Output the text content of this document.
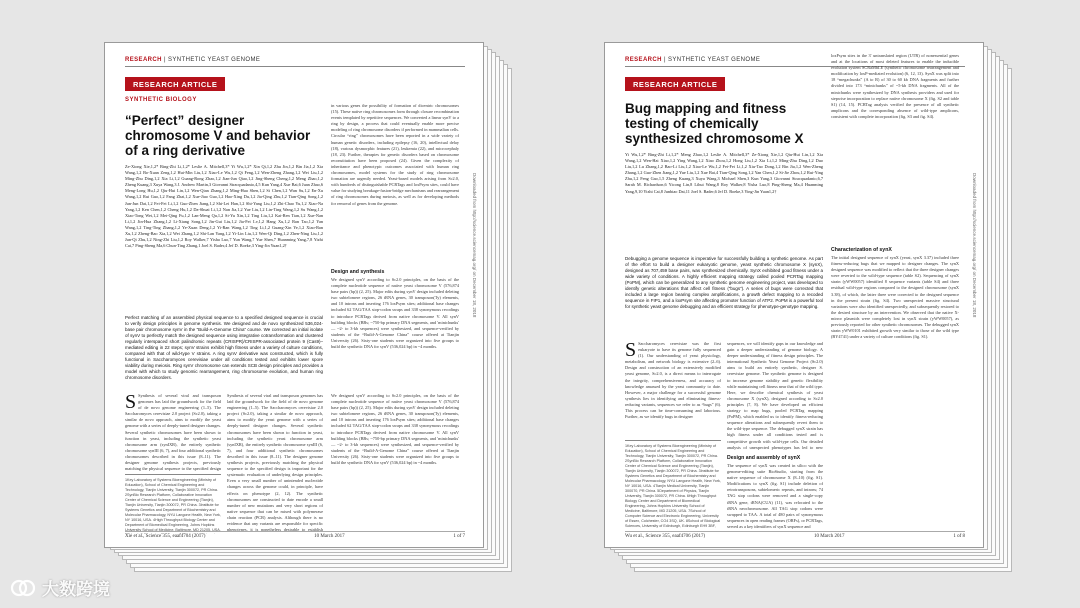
RESEARCH | SYNTHETIC YEAST GENOME
RESEARCH ARTICLE
SYNTHETIC BIOLOGY
“Perfect” designer chromosome V and behavior of a ring derivative
Ze-Xiong Xie,1,2* Bing-Zhi Li,1,2* Leslie A. Mitchell,3* Yi Wu,1,2* Xin Qi,1,2 Zhu Jin,1,2 Bin Jia,1,2 Xia Wang,1,2 Bo-Xuan Zeng,1,2 Hui-Min Liu,1,2 Xiao-Le Wu,1,2 Qi Feng,1,2 Wen-Zheng Zhang,1,2 Wei Liu,1,2 Ming-Zhu Ding,1,2 Xia Li,1,2 Guang-Rong Zhao,1,2 Jian-Jun Qiao,1,2 Jing-Sheng Cheng,1,2 Meng Zhao,1,2 Zheng Kuang,3 Xuya Wang,3 J. Andrew Martin,3 Giovanni Stracquadanio,4,5 Kun Yang,4 Xue Bai,6 Juan Zhao,6 Meng-Long Hu,1,2 Qiu-Hui Lin,1,2 Wen-Qian Zhang,1,2 Ming-Hua Shen,1,2 Si Chen,1,2 Wan Su,1,2 En-Xu Wang,1,2 Rui Guo,1,2 Fang Zhai,1,2 Xue-Jiao Guo,1,2 Hao-Xing Du,1,2 Jia-Qing Zhu,1,2 Tian-Qing Song,1,2 Jun-Jun Dai,1,2 Fei-Fei Li,1,2 Guo-Zhen Jiang,1,2 Shi-Lei Han,1,2 Shi-Yang Liu,1,2 Zhi-Chao Yu,1,2 Xiao-Na Yang,1,2 Ken Chen,1,2 Cheng Hu,1,2 Da-Shuai Li,1,2 Nan Jia,1,2 Yue Liu,1,2 Lin-Ting Wang,1,2 Su Wang,1,2 Xiao-Tong Wei,1,2 Mei-Qing Fu,1,2 Lan-Meng Qu,1,2 Si-Yu Xin,1,2 Ting Liu,1,2 Kai-Ren Tian,1,2 Xue-Nan Li,1,2 Jin-Hua Zhang,1,2 Li-Xiang Song,1,2 Jin-Gui Liu,1,2 Jia-Fei Lv,1,2 Hang Xu,1,2 Ran Tao,1,2 Yan Wang,1,2 Ting-Ting Zhang,1,2 Ye-Xuan Deng,1,2 Yi-Ran Wang,1,2 Ting Li,1,2 Guang-Xin Ye,1,2 Xiao-Ran Xu,1,2 Zheng-Bao Xia,1,2 Wei Zhang,1,2 Shi-Lan Yang,1,2 Yi-Lin Liu,1,2 Wen-Qi Ding,1,2 Zhen-Ning Liu,1,2 Jun-Qi Zhu,1,2 Ning-Zhi Liu,1,2 Roy Walker,7 Yisha Luo,7 Yun Wang,7 Yue Shen,7 Huanming Yang,7,8 Yizhi Cai,7 Ping-Sheng Ma,6 Chun-Ting Zhang,1 Joel S. Bader,4 Jef D. Boeke,3 Ying-Jin Yuan1,2†
in various genes the possibility of formation of dicentric chromosomes (15). These native ring chromosomes form through closure recombination events templated by repetitive sequences. We converted a linear synV to a ring by design, a process that could eventually enable more precise modeling of ring chromosome disorders if performed in mammalian cells. Circular “ring” chromosomes have been reported in a wide variety of human genetic disorders, including epilepsy (16, 20), intellectual delay (18), various dysmorphic features (21), leukemia (22), and microcephaly (18, 23). Further, therapies for genetic disorders based on chromosome reconstitution have been proposed (24). Given the complexity of inheritance and phenotypic outcomes associated with human ring chromosomes, model systems for the study of ring chromosome formation are urgently needed. Yeast-based models arising from Sc2.0, with hundreds of distinguishable PCRTags and loxPsym sites, could have value for studying breakage-fusion-bridge mechanisms and rearrangement of ring chromosomes during meiosis, as well as for developing methods for removal of genes from the genome.
Design and synthesis
We designed synV according to Sc2.0 principles, on the basis of the complete nucleotide sequence of native yeast chromosome V (576,874 base pairs (bp)) (2, 25). Major edits during synV design included deleting two subtelomere regions, 26 tRNA genes, 30 transposon(Ty) elements, and 10 introns and inserting 176 loxPsym sites; additional base changes included 62 TAG/TAA stop-codon swaps and 338 synonymous recodings to introduce PCRTags derived from native chromosome V. All synV building blocks (BBs; ~750-bp primary DNA segments, and 'minichunks' — ~2- to 3-kb sequences) were synthesized, and sequence-verified by students of the “Build-A-Genome China” course offered at Tianjin University (26). Sixty-one students were organized into five groups to build the synthetic DNA for synV (536,024 bp) in ~4 months.
Perfect matching of an assembled physical sequence to a specified designed sequence is crucial to verify design principles in genome synthesis. We designed and de novo synthesized 536,024-base pair chromosome synV in the “Build-A-Genome China” course. We corrected an initial isolate of synV to perfectly match the designed sequence using integrative cotransformation and clustered regularly interspaced short palindromic repeats (CRISPR)/CRISPR-associated protein 9 (Cas9)–mediated editing in 22 steps; synV strains exhibit high fitness under a variety of culture conditions, compared with that of wild-type V strains. A ring synV derivative was constructed, which is fully functional in Saccharomyces cerevisiae under all conditions tested and exhibits lower spore viability during meiosis. Ring synV chromosome can extends SCB design principles and provides a model with which to study genomic rearrangement, ring chromosome evolution, and human ring chromosome disorders.
S Synthesis of several viral and transposon genomes has laid the groundwork for the field of de novo genome engineering (1–5). The Saccharomyces cerevisiae 2.0 project (Sc2.0), taking a similar de novo approach, aims to modify the yeast genome with a series of deeply-tuned designer changes. Several synthetic chromosomes have been shown to function in yeast, including the synthetic yeast chromosome arm (synIXR), the entirely synthetic chromosome synIII (6, 7), and four additional synthetic chromosomes described in this issue (8–11). The designer genome synthesis projects, previously matching the physical sequence to the specified design
1Key Laboratory of Systems Bioengineering (Ministry of Education), School of Chemical Engineering and Technology, Tianjin University, Tianjin 300072, PR China. 2SynBio Research Platform, Collaborative Innovation Center of Chemical Science and Engineering (Tianjin), Tianjin University, Tianjin 300072, PR China. 3Institute for Systems Genetics and Department of Biochemistry and Molecular Pharmacology, NYU Langone Health, New York, NY 10016, USA. 4High Throughput Biology Center and Department of Biomedical Engineering, Johns Hopkins University School of Medicine, Baltimore, MD 21205, USA.
Synthesis of several viral and transposon genomes has laid the groundwork for the field of de novo genome engineering (1–5). The Saccharomyces cerevisiae 2.0 project (Sc2.0), taking a similar de novo approach, aims to modify the yeast genome with a series of deeply-tuned designer changes. Several synthetic chromosomes have been shown to function in yeast, including the synthetic yeast chromosome arm (synIXR), the entirely synthetic chromosome synIII (6, 7), and four additional synthetic chromosomes described in this issue (8–11). The designer genome synthesis projects, previously matching the physical sequence to the specified design is important for the systematic evaluation of underlying design principles. Even a very small number of unintended nucleotide changes across the genome could, in principle, have effects on phenotype (2, 12). The synthetic chromosomes are constructed to date encode a small number of new mutations and very short regions of native sequence that can be mixed with polymerase chain reaction (PCR) analysis. Although there is no evidence that any variants are responsible for specific phenotypes, it is nonetheless desirable to establish
We designed synV according to Sc2.0 principles, on the basis of the complete nucleotide sequence of native yeast chromosome V (576,874 base pairs (bp)) (2, 25). Major edits during synV design included deleting two subtelomere regions, 26 tRNA genes, 30 transposon(Ty) elements, and 10 introns and inserting 176 loxPsym sites; additional base changes included 62 TAG/TAA stop-codon swaps and 338 synonymous recodings to introduce PCRTags derived from native chromosome V. All synV building blocks (BBs; ~750-bp primary DNA segments, and 'minichunks' — ~2- to 3-kb sequences) were synthesized, and sequence-verified by students of the “Build-A-Genome China” course offered at Tianjin University (26). Sixty-one students were organized into five groups to build the synthetic DNA for synV (536,024 bp) in ~4 months.
Downloaded from http://science.sciencemag.org/ on December 18, 2018
Xie et al., Science 355, eaaf4704 (2017)	10 March 2017	1 of 7
RESEARCH | SYNTHETIC YEAST GENOME
RESEARCH ARTICLE
Bug mapping and fitness testing of chemically synthesized chromosome X
Yi Wu,1,2* Bing-Zhi Li,1,2* Meng Zhao,1,2 Leslie A. Mitchell,3* Ze-Xiong Xie,1,2 Qiu-Hui Lin,1,2 Xia Wang,1,2 Wen-Hai Xiao,1,2 Ying Wang,1,2 Xiao Zhou,1,2 Hong Liu,1,2 Xia Li,1,2 Ming-Zhu Ding,1,2 Duo Liu,1,2 Lu Zhang,1,2 Bao-Li Liu,1,2 Xiao-Le Wu,1,2 Fei-Fei Li,1,2 Xiu-Tao Dong,1,2 Bin Jia,1,2 Wen-Zheng Zhang,1,2 Guo-Zhen Jiang,1,2 Yue Liu,1,2 Xue Bai,4 Tian-Qing Song,1,2 Yan Chen,1,2 Si-Jie Zhou,1,2 Rui-Ying Zhu,1,2 Feng Gao,1,5 Zheng Kuang,3 Xuya Wang,3 Michael Shen,3 Kun Yang,3 Giovanni Stracquadanio,6,7 Sarah M. Richardson,6 Yicong Lin,8 Lihui Wang,8 Roy Walker,8 Yisha Luo,8 Ping-Sheng Ma,4 Huanming Yang,9,10 Yizhi Cai,8 Junbiao Dai,11 Joel S. Bader,6 Jef D. Boeke,3 Ying-Jin Yuan1,2†
Debugging a genome sequence is imperative for successfully building a synthetic genome. As part of the effort to build a designer eukaryotic genome, yeast synthetic chromosome X (synX), designed as 707,459 base pairs, was synthesized chemically. SynX exhibited good fitness under a wide variety of conditions. A highly efficient mapping strategy called pooled PCRTag mapping (PoPM), which can be generalized to any synthetic genome engineering project, was developed to identify genetic alterations that affect cell fitness (“bugs”). A series of bugs were corrected that included a large region bearing complex amplifications, a growth defect mapping to a recoded sequence in FIP1, and a loxPsym site affecting promoter function of ATP2. PoPM is a powerful tool for synthetic yeast genome debugging and an efficient strategy for phenotype-genotype mapping.
loxPsym sites in the 3′ untranslated region (UTR) of nonessential genes and at the locations of most deleted features to enable the inducible evolution system SCRaMbLE (synthetic chromosome rearrangement and modification by loxP-mediated evolution) (6, 12, 13). SynX was split into 18 “megachunks” (A to R) of 30 to 60 kb DNA fragments and further divided into 173 “minichunks” of ~5-kb DNA fragments. All of the minichunks were synthesized by DNA synthesis providers and used for stepwise incorporation to replace native chromosome X (fig. S2 and table S1) (14, 15). PCRTag analysis verified the presence of all synthetic amplicons and the corresponding absence of wild-type amplicons, consistent with complete incorporation (fig. S3 and fig. S4).
Characterization of synX
The initial designed sequence of synX (yeast, synX 3.37) included three fitness-reducing bugs that we mapped to designer changes. The synX designed sequence was modified to reflect that the three designer changes were reverted to the wild-type sequence (table S2). Sequencing of synX strain (yWW0057) identified 8 sequence variants (table S4) and three residual wild-type regions compared to the designed chromosome (synX 3.38), of which, the latter three were corrected to the designed sequence in the present strain (fig. S4). Two unexpected massive structural variations were also identified unexpectedly, and subsequently restored to the desired structure by an intervention. We observed that the native X-mirror plasmids were completely lost in synX strain (yWW0057), as previously reported for other synthetic chromosomes. The debugged synX strain yWW0101 exhibited growth very similar to those of the wild type (BY4741) under a variety of culture conditions (fig. S1).
S Saccharomyces cerevisiae was the first eukaryote to have its genome fully sequenced (1). Our understanding of yeast physiology, metabolism, and network biology is extensive (2–6). Design and construction of an extensively modified yeast genome, Sc2.0, is a direct means to interrogate the integrity, comprehensiveness, and accuracy of knowledge amassed by the yeast community to date. However, a major challenge for a successful genome synthesis lies in identifying and eliminating fitness-reducing variants, sequences we refer to as “bugs” (6). This process can be time-consuming and laborious. Further, as we identify bugs in designer
1Key Laboratory of Systems Bioengineering (Ministry of Education), School of Chemical Engineering and Technology, Tianjin University, Tianjin 300072, PR China. 2SynBio Research Platform, Collaborative Innovation Center of Chemical Science and Engineering (Tianjin), Tianjin University, Tianjin 300072, PR China. 3Institute for Systems Genetics and Department of Biochemistry and Molecular Pharmacology, NYU Langone Health, New York, NY 10016, USA. 4Tianjin Medical University, Tianjin 300070, PR China. 5Department of Physics, Tianjin University, Tianjin 300072, PR China. 6High Throughput Biology Center and Department of Biomedical Engineering, Johns Hopkins University School of Medicine, Baltimore, MD 21205, USA. 7School of Computer Science and Electronic Engineering, University of Essex, Colchester, CO4 3SQ, UK. 8School of Biological Sciences, University of Edinburgh, Edinburgh EH9 3BF,
sequences, we will identify gaps in our knowledge and gain a deeper understanding of genome biology. A deeper understanding of fitness design principles. The international Synthetic Yeast Genome Project (Sc2.0) aims to build an entirely synthetic, designer S. cerevisiae genome. The synthetic genome is designed to increase genome stability and genetic flexibility while maintaining cell fitness near that of the wild type. Here, we describe chemical synthesis of yeast chromosome X (synX), designed according to Sc2.0 principles (7, 8). We have developed an efficient strategy to map bugs, pooled PCRTag mapping (PoPM), which enabled us to identify fitness-reducing sequence alterations and subsequently revert them to the wild-type sequence. The debugged synX strain has high fitness under all conditions tested and is competitive growth with wild-type cells. Our detailed analysis of unexpected phenotypes has led to new
Design and assembly of synX
The sequence of synX was created in silico with the genome-editing suite BioStudio, starting from the native sequence of chromosome X (8–10) (fig. S1). Modifications to synX (fig. S1) include deletion of retrotransposons, subtelomeric repeats, and introns; 74 TAG stop codons were removed and a single-copy tRNA gene, tRNA(CUA) (11), was relocated to the tRNA neochromosome. All TAG stop codons were swapped to TAA. A total of 480 pairs of synonymous sequences in open reading frames (ORFs), or PCRTags, served as a key identifiers of synX sequence and
Downloaded from http://science.sciencemag.org/ on December 18, 2018
Wu et al., Science 355, eaaf4706 (2017)	10 March 2017	1 of 8
大数跨境
